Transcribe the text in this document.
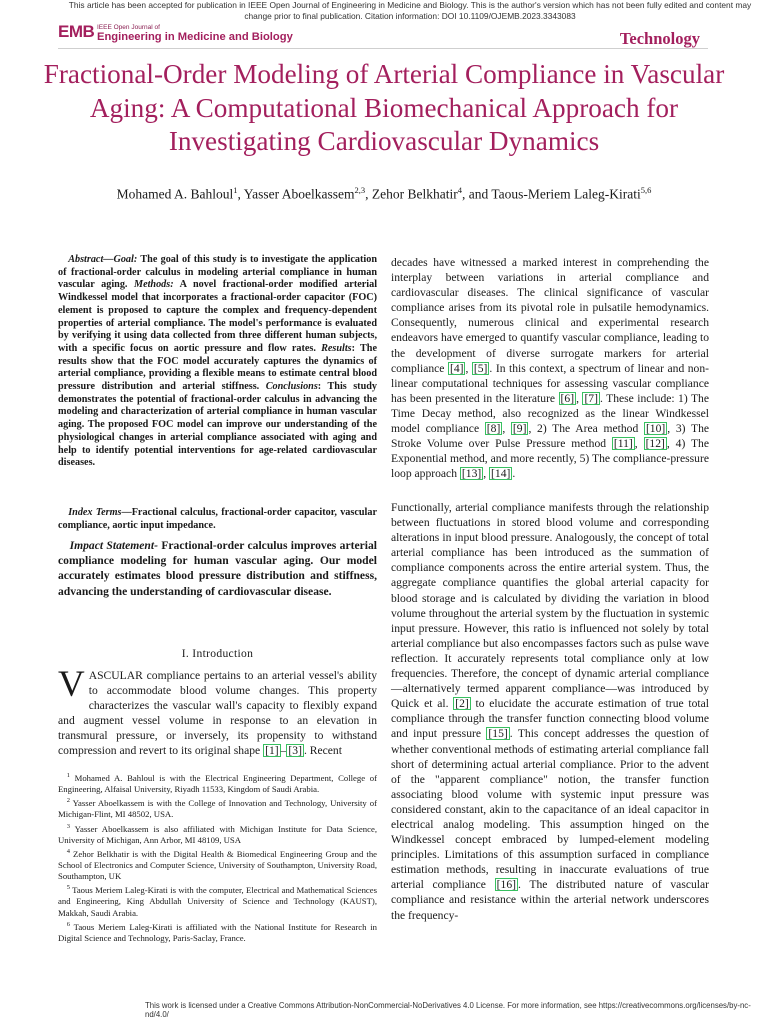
This article has been accepted for publication in IEEE Open Journal of Engineering in Medicine and Biology. This is the author's version which has not been fully edited and content may change prior to final publication. Citation information: DOI 10.1109/OJEMB.2023.3343083
EMB IEEE Open Journal of
Engineering in Medicine and Biology	Technology
Fractional-Order Modeling of Arterial Compliance in Vascular Aging: A Computational Biomechanical Approach for Investigating Cardiovascular Dynamics
Mohamed A. Bahloul$^1$, Yasser Aboelkassem$^{2,3}$, Zehor Belkhatir$^4$, and Taous-Meriem Laleg-Kirati$^{5,6}$

 Abstract—Goal: The goal of this study is to investigate the application of fractional-order calculus in modeling arterial compliance in human vascular aging. Methods: A novel fractional-order modified arterial Windkessel model that incorporates a fractional-order capacitor (FOC) element is proposed to capture the complex and frequency-dependent properties of arterial compliance. The model's performance is evaluated by verifying it using data collected from three different human subjects, with a specific focus on aortic pressure and flow rates. Results: The results show that the FOC model accurately captures the dynamics of arterial compliance, providing a flexible means to estimate central blood pressure distribution and arterial stiffness. Conclusions: This study demonstrates the potential of fractional-order calculus in advancing the modeling and characterization of arterial compliance in human vascular aging. The proposed FOC model can improve our understanding of the physiological changes in arterial compliance associated with aging and help to identify potential interventions for age-related cardiovascular diseases.

 Index Terms—Fractional calculus, fractional-order capacitor, vascular compliance, aortic input impedance.

 Impact Statement- Fractional-order calculus improves arterial compliance modeling for human vascular aging. Our model accurately estimates blood pressure distribution and stiffness, advancing the understanding of cardiovascular disease.

I. Introduction

VASCULAR compliance pertains to an arterial vessel's ability to accommodate blood volume changes. This property characterizes the vascular wall's capacity to flexibly expand and augment vessel volume in response to an elevation in transmural pressure, or inversely, its propensity to withstand compression and revert to its original shape [1] – [3] . Recent

 $^1$ Mohamed A. Bahloul is with the Electrical Engineering Department, College of Engineering, Alfaisal University, Riyadh 11533, Kingdom of Saudi Arabia.

 $^2$ Yasser Aboelkassem is with the College of Innovation and Technology, University of Michigan-Flint, MI 48502, USA.

 $^3$ Yasser Aboelkassem is also affiliated with Michigan Institute for Data Science, University of Michigan, Ann Arbor, MI 48109, USA

 $^4$ Zehor Belkhatir is with the Digital Health & Biomedical Engineering Group and the School of Electronics and Computer Science, University of Southampton, University Road, Southampton, UK

 $^5$ Taous Meriem Laleg-Kirati is with the computer, Electrical and Mathematical Sciences and Engineering, King Abdullah University of Science and Technology (KAUST), Makkah, Saudi Arabia.

 $^6$ Taous Meriem Laleg-Kirati is affiliated with the National Institute for Research in Digital Science and Technology, Paris-Saclay, France.

decades have witnessed a marked interest in comprehending the interplay between variations in arterial compliance and cardiovascular diseases. The clinical significance of vascular compliance arises from its pivotal role in pulsatile hemodynamics. Consequently, numerous clinical and experimental research endeavors have emerged to quantify vascular compliance, leading to the development of diverse surrogate markers for arterial compliance [4] , [5] . In this context, a spectrum of linear and non-linear computational techniques for assessing vascular compliance has been presented in the literature [6] , [7] . These include: 1) The Time Decay method, also recognized as the linear Windkessel model compliance [8] , [9] , 2) The Area method [10] , 3) The Stroke Volume over Pulse Pressure method [11] , [12] , 4) The Exponential method, and more recently, 5) The compliance-pressure loop approach [13] , [14] .

Functionally, arterial compliance manifests through the relationship between fluctuations in stored blood volume and corresponding alterations in input blood pressure. Analogously, the concept of total arterial compliance has been introduced as the summation of compliance components across the entire arterial system. Thus, the aggregate compliance quantifies the global arterial capacity for blood storage and is calculated by dividing the variation in blood volume throughout the arterial system by the fluctuation in systemic input pressure. However, this ratio is influenced not solely by total arterial compliance but also encompasses factors such as pulse wave reflection. It accurately represents total compliance only at low frequencies. Therefore, the concept of dynamic arterial compliance—alternatively termed apparent compliance—was introduced by Quick et al. [2] to elucidate the accurate estimation of true total compliance through the transfer function connecting blood volume and input pressure [15] . This concept addresses the question of whether conventional methods of estimating arterial compliance fall short of determining actual arterial compliance. Prior to the advent of the "apparent compliance" notion, the transfer function associating blood volume with systemic input pressure was considered constant, akin to the capacitance of an ideal capacitor in electrical analog modeling. This assumption hinged on the Windkessel concept embraced by lumped-element modeling principles. Limitations of this assumption surfaced in compliance estimation methods, resulting in inaccurate evaluations of true arterial compliance [16] . The distributed nature of vascular compliance and resistance within the arterial network underscores the frequency-

This work is licensed under a Creative Commons Attribution-NonCommercial-NoDerivatives 4.0 License. For more information, see https://creativecommons.org/licenses/by-nc-nd/4.0/
